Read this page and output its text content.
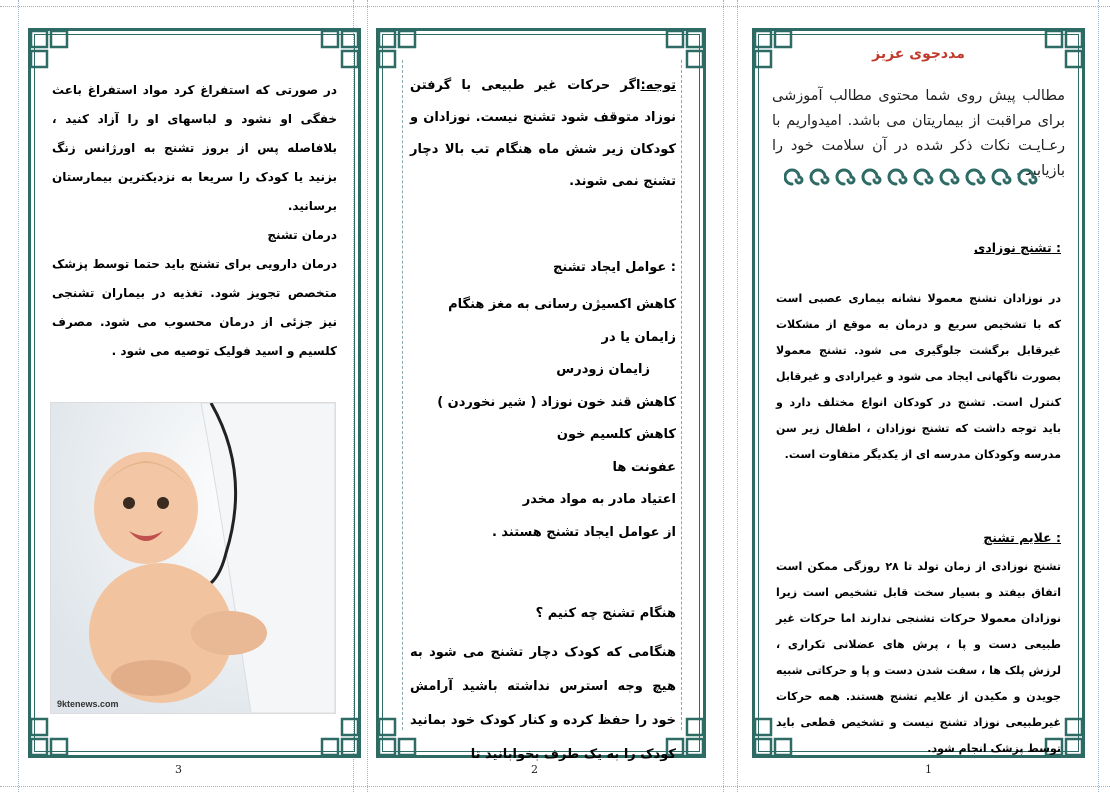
مددجوی عزیز
مطالب پیش روی شما محتوی مطالب آموزشی برای مراقبت از بیماریتان می باشد. امیدواریم با رعـایـت نکات ذکر شده در آن سلامت خود را بازیابید .
تشنج نوزادی :
در نوزادان تشنج معمولا نشانه بیماری عصبی است که با تشخیص سریع و درمان به موقع از مشکلات غیرقابل برگشت جلوگیری می شود. تشنج معمولا بصورت ناگهانی ایجاد می شود و غیرارادی و غیرقابل کنترل است. تشنج در کودکان انواع مختلف دارد و باید توجه داشت که تشنج نوزادان ، اطفال زیر سن مدرسه وکودکان مدرسه ای از یکدیگر متفاوت است.
علایم تشنج :
تشنج نوزادی از زمان تولد تا ۲۸ روزگی ممکن است اتفاق بیفتد و بسیار سخت قابل تشخیص است زیرا نوزادان معمولا حرکات تشنجی ندارند اما حرکات غیر طبیعی دست و پا ، پرش های عضلانی تکراری ، لرزش پلک ها ، سفت شدن دست و پا و حرکاتی شبیه جویدن و مکیدن از علایم تشنج هستند. همه حرکات غیرطبیعی نوزاد تشنج نیست و تشخیص قطعی باید توسط پزشک انجام شود.
توجه:اگر حرکات غیر طبیعی با گرفتن نوزاد متوقف شود تشنج نیست. نوزادان و کودکان زیر شش ماه هنگام تب بالا دچار تشنج نمی شوند.
عوامل ایجاد تشنج :
کاهش اکسیژن رسانی به مغز هنگام زایمان یا در
زایمان زودرس
کاهش قند خون نوزاد ( شیر نخوردن )
کاهش کلسیم خون
عفونت ها
اعتیاد مادر به مواد مخدر
از عوامل ایجاد تشنج هستند .
هنگام تشنج چه کنیم ؟
هنگامی که کودک دچار تشنج می شود به هیچ وجه استرس نداشته باشید آرامش خود را حفظ کرده و کنار کودک خود بمانید کودک را به یک طرف بخوابانید تا
در صورتی که استفراغ کرد مواد استفراغ باعث خفگی او نشود و لباسهای او را آزاد کنید ، بلافاصله پس از بروز تشنج به اورژانس زنگ بزنید یا کودک را سریعا به نزدیکترین بیمارستان برسانید.
درمان تشنج
درمان دارویی برای تشنج باید حتما توسط پزشک متخصص تجویز شود. تغذیه در بیماران تشنجی نیز جزئی از درمان محسوب می شود. مصرف کلسیم و اسید فولیک توصیه می شود .
9ktenews.com
1
2
3
